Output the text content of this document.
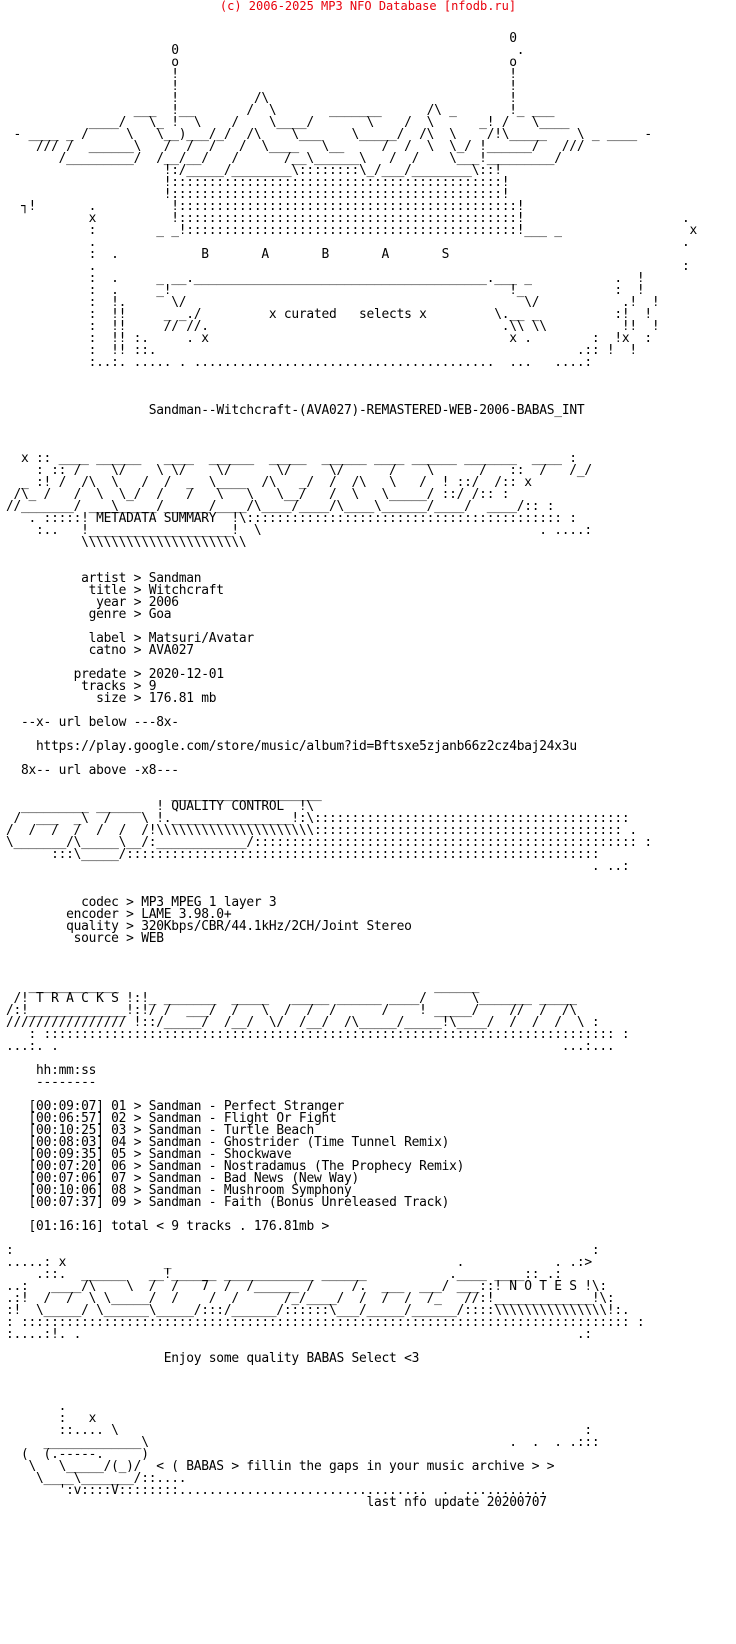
(c) 2006-2025 MP3 NFO Database [nfodb.ru]

0
0                                             .
o                                            o
!                                            !
!                                            !
!          /\                                !
___  !__       /  \       _______      /\ _       !_ ___
____/   \_ !  \    /    \____/       \    /  \      _! /   \____
- ____ _ /     \   \__)___/_/  /\    \___    \_____/  /\  \    /!\_____    \ _ ____ -
/// /  ______\   /  /  /   /  \____   \__     /  /  \  \_/ !______/   ///
/_________/  /__/__/   /      /__\______\   /  /    \___!_________/
!:/_____/________\::::::::\_/___/________\::!
!::::::::::::::::::::::::::::::::::::::::::::!
!::::::::::::::::::::::::::::::::::::::::::::!
┐!       .          !:::::::::::::::::::::::::::::::::::::::::::::!
x          !:::::::::::::::::::::::::::::::::::::::::::::!                     .
:        _ _!::::::::::::::::::::::::::::::::::::::::::::!___ _                 x
.                                                                              .
:  .           B       A       B       A       S
.                                                                              :
:  .     _ __._______________________________________.___ _           .  !
:  .     _!                                             !_            :  !
:  !.      \/                                             \/           .!  !
:  !!     _ _./         x curated   selects x         \.__ _          :!  !
:  !!     // //.                                       .\\ \\          !!  !
:  !! :.     . x                                        x .        :  !x  :
:  !! ::.                                                        .:: !  !
:..:. ..... . ........................................  ...   ....:

Sandman--Witchcraft-(AVA027)-REMASTERED-WEB-2006-BABAS_INT

x :: ____ ______   ____  ______  _____  ______ ____ ______ _______  ____ :
: :: /    \/    \ \/    \/      \/     \/      /    \      /   ::  /   /_/
_ :! /  /\  \   /  /  _  \____  /\   _/  /  /\   \   /  ! ::/  /:: x
/\_ /   /  \  \_/  /   /   \   \   \__/   /  \   \_____/ ::/ /:: :
//_______/ ___\_____/______/____/\____/____/\____\______/____/  ____/:: :
. :::::! METADATA SUMMARY  !\:::::::::::::::::::::::::::::::::::::::::: :
:..   !___________________!  \                                     . ....:
\\\\\\\\\\\\\\\\\\\\\\

artist > Sandman
title > Witchcraft
year > 2006
genre > Goa

label > Matsuri/Avatar
catno > AVA027

predate > 2020-12-01
tracks > 9
size > 176.81 mb

--x- url below ---8x-

https://play.google.com/store/music/album?id=Bftsxe5zjanb66z2cz4baj24x3u

8x-- url above -x8---

____________________
_________ ______  ! QUALITY CONTROL  !\
/  ___  _\  /    \ !.________________!:\::::::::::::::::::::::::::::::::::::::::::
/  /  /  /  /  /  /!\\\\\\\\\\\\\\\\\\\\\::::::::::::::::::::::::::::::::::::::::: .
\_______/\_____\__/:____________/::::::::::::::::::::::::::::::::::::::::::::::::::: :
:::\_____/:::::::::::::::::::::::::::::::::::::::::::::::::::::::::::::::
. ..:

codec > MP3 MPEG 1 layer 3
encoder > LAME 3.98.0+
quality > 320Kbps/CBR/44.1kHz/2CH/Joint Stereo
source > WEB

____________                                          ______
/! T R A C K S !:!_ _______  _____   _____ ______ ____/      \_______ _____
/:!_____________!:!/ /  ___/  /   \  /  /  /      /    ! _____/    //  /  /\
//////////////// !::/_____/  /__/  \/  /__/  /\_____/_____!\____/  /  /  /  \ :
: :::::::::::::::::::::::::::::::::::::::::::::::::::::::::::::::::::::::::::: :
...:. .                                                                   ...:...

hh:mm:ss
--------

[00:09:07] 01 > Sandman - Perfect Stranger
[00:06:57] 02 > Sandman - Flight Or Fight
[00:10:25] 03 > Sandman - Turtle Beach
[00:08:03] 04 > Sandman - Ghostrider (Time Tunnel Remix)
[00:09:35] 05 > Sandman - Shockwave
[00:07:20] 06 > Sandman - Nostradamus (The Prophecy Remix)
[00:07:06] 07 > Sandman - Bad News (New Way)
[00:10:06] 08 > Sandman - Mushroom Symphony
[00:07:37] 09 > Sandman - Faith (Bonus Unreleased Track)

[01:16:16] total < 9 tracks . 176.81mb >

:                                                                             :
.....: x             _                                      .            . .:>
.::.  ______   __!______ ____________ ______           .____ ____:: .:
..:   ____/\    \  /  /   7  /  /______ /     /.  ___  ___/ ___::! N O T E S !\:
.:!  /  /  \ \_____/  /    /  /      /_/____/  /  /  /  /_   //:!_____________!\:
:!  \_____/ \______\_____/:::/______/::::::\___/_____/______/::::\\\\\\\\\\\\\\\!:.
: ::::::::::::::::::::::::::::::::::::::::::::::::::::::::::::::::::::::::::::::::: :
:....:!. .                                                                  .:

Enjoy some quality BABAS Select <3

.
:   x
::.... \                                                              :
_____________\                                                .  .  . .:::
(  (.-----.     )
\   \_____/(_)/  < ( BABAS > fillin the gaps in your music archive > >
\____\_______/::....
':v::::V::::::::.................................  .  ...........
last nfo update 20200707
